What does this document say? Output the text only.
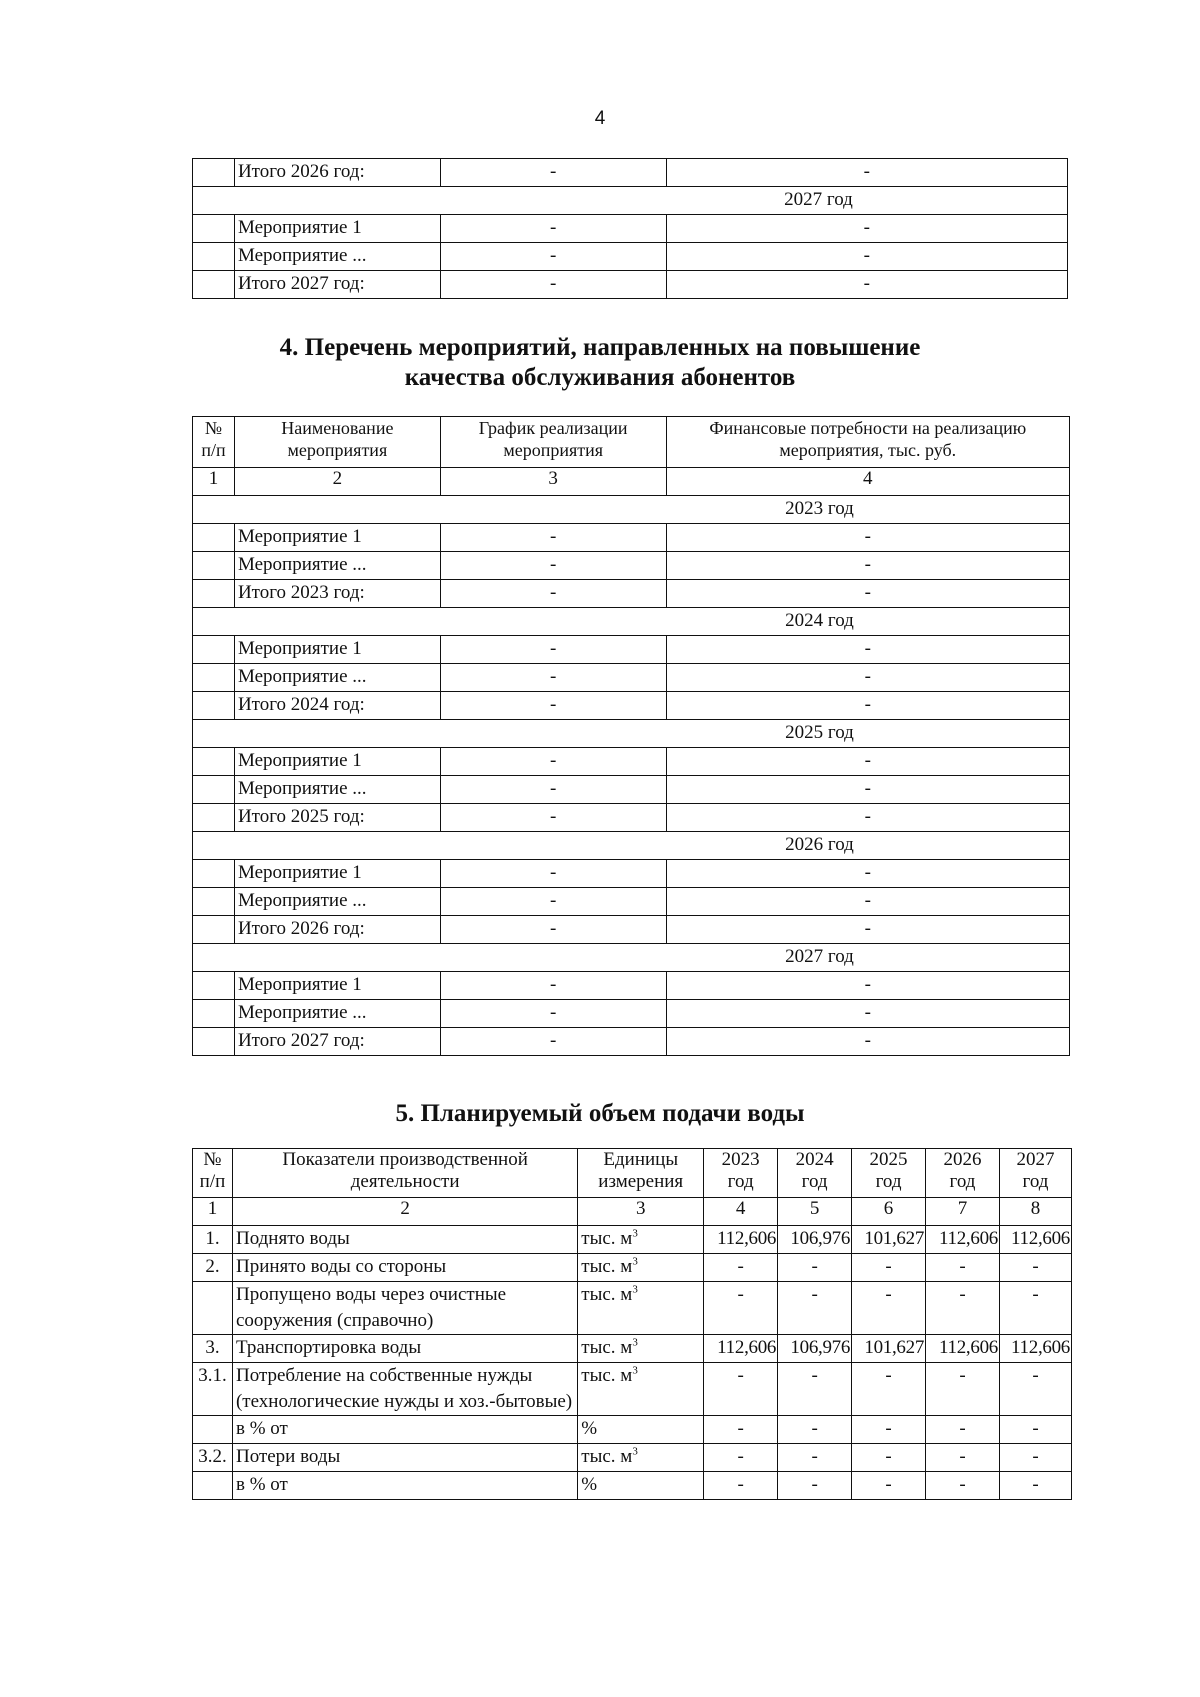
4
	Итого 2026 год:	-	-
2027 год			
	Мероприятие 1	-	-
	Мероприятие ...	-	-
	Итого 2027 год:	-	-
4. Перечень мероприятий, направленных на повышение
качества обслуживания абонентов
№ п/п	Наименование мероприятия	График реализации мероприятия	Финансовые потребности на реализацию мероприятия, тыс. руб.
1	2	3	4
2023 год			
	Мероприятие 1	-	-
	Мероприятие ...	-	-
	Итого 2023 год:	-	-
2024 год			
	Мероприятие 1	-	-
	Мероприятие ...	-	-
	Итого 2024 год:	-	-
2025 год			
	Мероприятие 1	-	-
	Мероприятие ...	-	-
	Итого 2025 год:	-	-
2026 год			
	Мероприятие 1	-	-
	Мероприятие ...	-	-
	Итого 2026 год:	-	-
2027 год			
	Мероприятие 1	-	-
	Мероприятие ...	-	-
	Итого 2027 год:	-	-
5. Планируемый объем подачи воды
№ п/п	Показатели производственной деятельности	Единицы измерения	2023 год	2024 год	2025 год	2026 год	2027 год
1	2	3	4	5	6	7	8
1.	Поднято воды	тыс. $м^3$	112,606	106,976	101,627	112,606	112,606
2.	Принято воды со стороны	тыс. $м^3$	-	-	-	-	-
	Пропущено воды через очистные сооружения (справочно)	тыс. $м^3$	-	-	-	-	-
3.	Транспортировка воды	тыс. $м^3$	112,606	106,976	101,627	112,606	112,606
3.1.	Потребление на собственные нужды (технологические нужды и хоз.-бытовые)	тыс. $м^3$	-	-	-	-	-
	в % от	%	-	-	-	-	-
3.2.	Потери воды	тыс. $м^3$	-	-	-	-	-
	в % от	%	-	-	-	-	-
